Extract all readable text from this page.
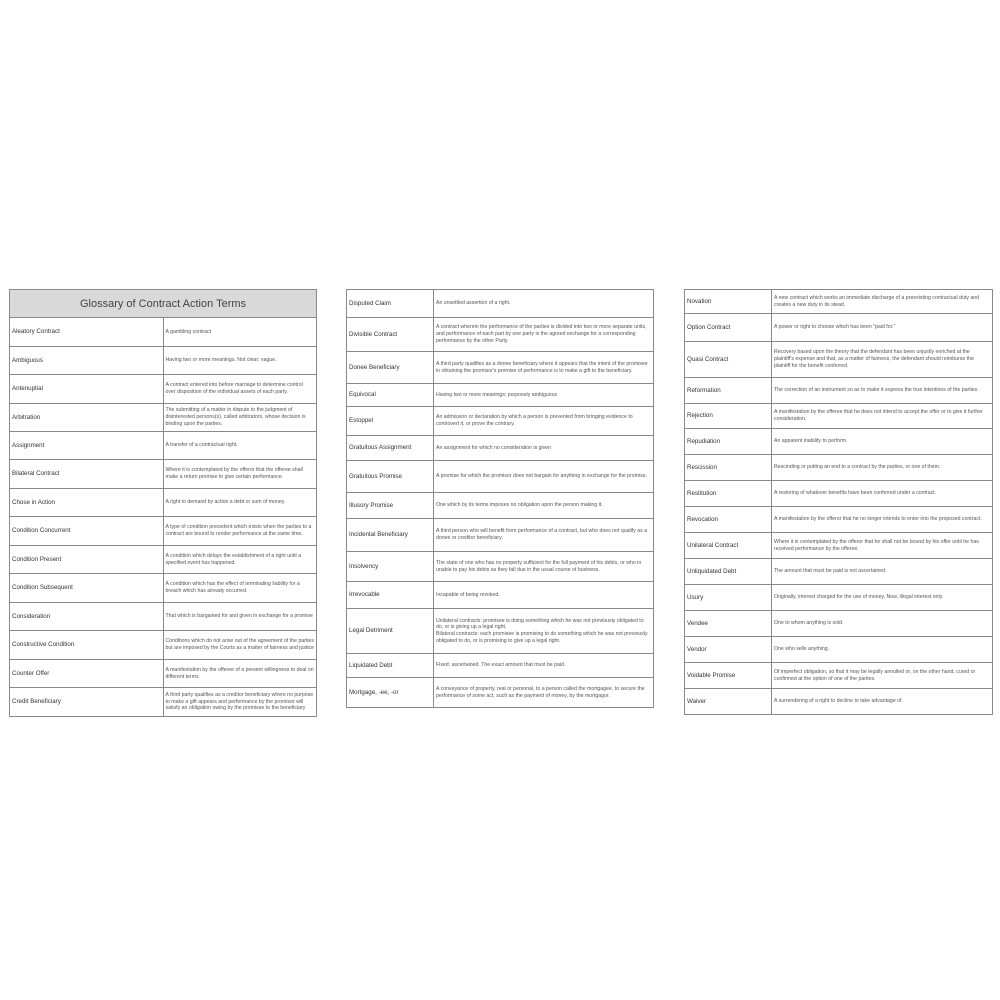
Glossary of Contract Action Terms	
Aleatory Contract	A gambling contract
Ambiguous	Having two or more meanings. Not clear; vague.
Antenuptial	A contract entered into before marriage to determine control over disposition of the individual assets of each party.
Arbitration	The submitting of a matter in dispute to the judgment of disinterested persons(s), called arbitrators, whose decision is binding upon the parties.
Assignment	A transfer of a contractual right.
Bilateral Contract	Where it is contemplated by the offeror that the offeree shall make a return promise to give certain performance.
Chose in Action	A right to demand by action a debt or sum of money.
Condition Concurrent	A type of condition precedent which exists when the parties to a contract are bound to render performance at the same time.
Condition Present	A condition which delays the establishment of a right until a specified event has happened.
Condition Subsequent	A condition which has the effect of terminating liability for a breach which has already occurred.
Consideration	That which is bargained for and given in exchange for a promise
Constructive Condition	Conditions which do not arise out of the agreement of the parties but are imposed by the Courts as a matter of fairness and justice
Counter Offer	A manifestation by the offeree of a present willingness to deal on different terms.
Credit Beneficiary	A third party qualifies as a creditor beneficiary where no purpose to make a gift appears and performance by the promisor will satisfy an obligation owing by the promisee to the beneficiary
Disputed Claim	An unsettled assertion of a right.
Divisible Contract	A contract wherein the performance of the parties is divided into two or more separate units, and performance of each part by one party is the agreed exchange for a corresponding performance by the other Party.
Donee Beneficiary	A third party qualifies as a donee beneficiary where it appears that the intent of the promisee in obtaining the promisor's promise of performance is to make a gift to the beneficiary.
Equivocal	Having two or more meanings; purposely ambiguous
Estoppel	An admission or declaration by which a person is prevented from bringing evidence to controvert it, or prove the contrary.
Gratuitous Assignment	An assignment for which no consideration is given
Gratuitous Promise	A promise for which the promisor does not bargain for anything in exchange for the promise.
Illusory Promise	One which by its terms imposes no obligation upon the person making it.
Incidental Beneficiary	A third person who will benefit from performance of a contract, but who does not qualify as a donee or creditor beneficiary.
Insolvency	The state of one who has no property sufficient for the full payment of his debts, or who in unable to pay his debts as they fall due in the usual course of business.
Irrevocable	Incapable of being revoked.
Legal Detriment	Unilateral contracts: promisee is doing something which he was not previously obligated to do, or is giving up a legal right.
Bilateral contracts: each promisee is promising to do something which he was not previously obligated to do, or is promising to give up a legal right.
Liquidated Debt	Fixed; ascertained. The exact amount that must be paid.
Mortgage, -ee, -or	A conveyance of property, real or personal, to a person called the mortgagee, to secure the performance of some act, such as the payment of money, by the mortgagor.
Novation	A new contract which works an immediate discharge of a preexisting contractual duty and creates a new duty in its stead.
Option Contract	A power or right to choose which has been "paid for."
Quasi Contract	Recovery based upon the theory that the defendant has been unjustly enriched at the plaintiff's expense and that, as a matter of fairness, the defendant should reimburse the plaintiff for the benefit conferred.
Reformation	The correction of an instrument so as to make it express the true intentions of the parties.
Rejection	A manifestation by the offeree that he does not intend to accept the offer or to give it further consideration.
Repudiation	An apparent inability to perform.
Rescission	Rescinding or putting an end to a contract by the parties, or one of them.
Restitution	A restoring of whatever benefits have been conferred under a contract.
Revocation	A manifestation by the offeror that he no longer intends to enter into the proposed contract.
Unilateral Contract	Where it is contemplated by the offeror that he shall not be bound by his offer until he has received performance by the offeree.
Unliquidated Debt	The amount that must be paid is not ascertained.
Usury	Originally, interest charged for the use of money. Now, illegal interest only.
Vendee	One to whom anything is sold.
Vendor	One who sells anything.
Voidable Promise	Of imperfect obligation, so that it may be legally annulled or, on the other hand, cured or confirmed at the option of one of the parties.
Waiver	A surrendering of a right to decline to take advantage of.
